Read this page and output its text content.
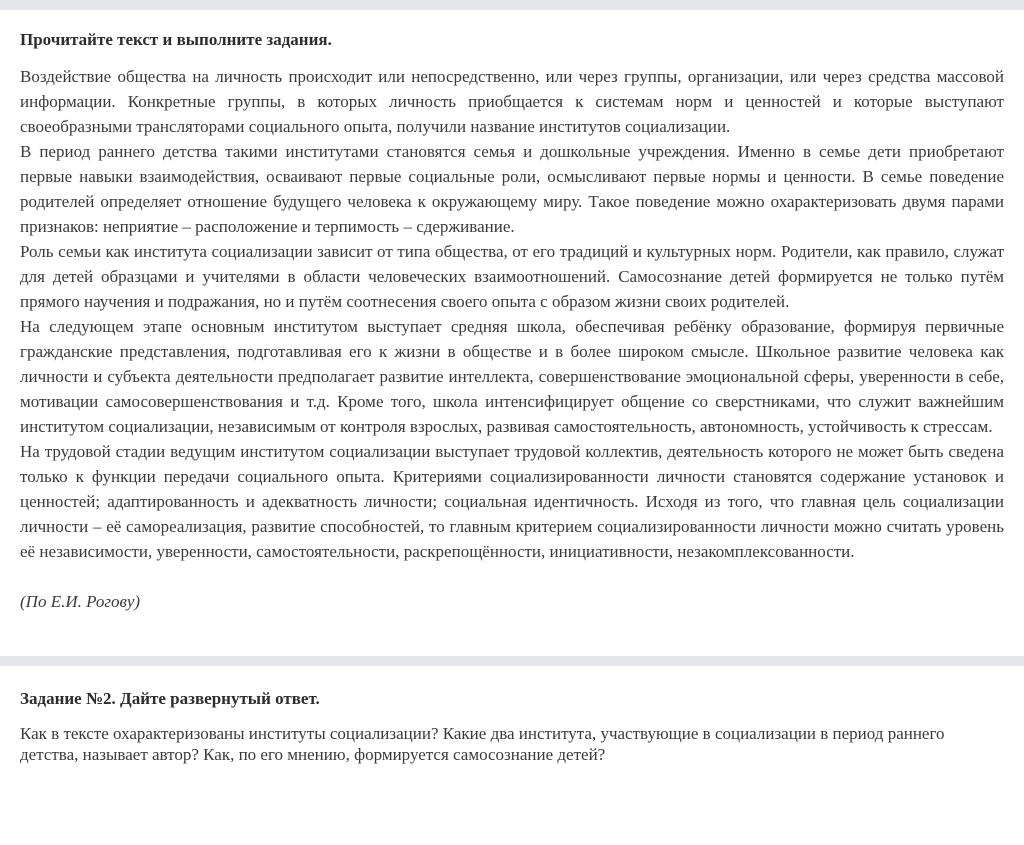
Прочитайте текст и выполните задания.

Воздействие общества на личность происходит или непосредственно, или через группы, организации, или через средства массовой информации. Конкретные группы, в которых личность приобщается к системам норм и ценностей и которые выступают своеобразными трансляторами социального опыта, получили название институтов социализации.

В период раннего детства такими институтами становятся семья и дошкольные учреждения. Именно в семье дети приобретают первые навыки взаимодействия, осваивают первые социальные роли, осмысливают первые нормы и ценности. В семье поведение родителей определяет отношение будущего человека к окружающему миру. Такое поведение можно охарактеризовать двумя парами признаков: неприятие – расположение и терпимость – сдерживание.

Роль семьи как института социализации зависит от типа общества, от его традиций и культурных норм. Родители, как правило, служат для детей образцами и учителями в области человеческих взаимоотношений. Самосознание детей формируется не только путём прямого научения и подражания, но и путём соотнесения своего опыта с образом жизни своих родителей.

На следующем этапе основным институтом выступает средняя школа, обеспечивая ребёнку образование, формируя первичные гражданские представления, подготавливая его к жизни в обществе и в более широком смысле. Школьное развитие человека как личности и субъекта деятельности предполагает развитие интеллекта, совершенствование эмоциональной сферы, уверенности в себе, мотивации самосовершенствования и т.д. Кроме того, школа интенсифицирует общение со сверстниками, что служит важнейшим институтом социализации, независимым от контроля взрослых, развивая самостоятельность, автономность, устойчивость к стрессам.

На трудовой стадии ведущим институтом социализации выступает трудовой коллектив, деятельность которого не может быть сведена только к функции передачи социального опыта. Критериями социализированности личности становятся содержание установок и ценностей; адаптированность и адекватность личности; социальная идентичность. Исходя из того, что главная цель социализации личности – её самореализация, развитие способностей, то главным критерием социализированности личности можно считать уровень её независимости, уверенности, самостоятельности, раскрепощённости, инициативности, незакомплексованности.

(По Е.И. Рогову)
Задание №2. Дайте развернутый ответ.
Как в тексте охарактеризованы институты социализации? Какие два института, участвующие в социализации в период раннего детства, называет автор? Как, по его мнению, формируется самосознание детей?
